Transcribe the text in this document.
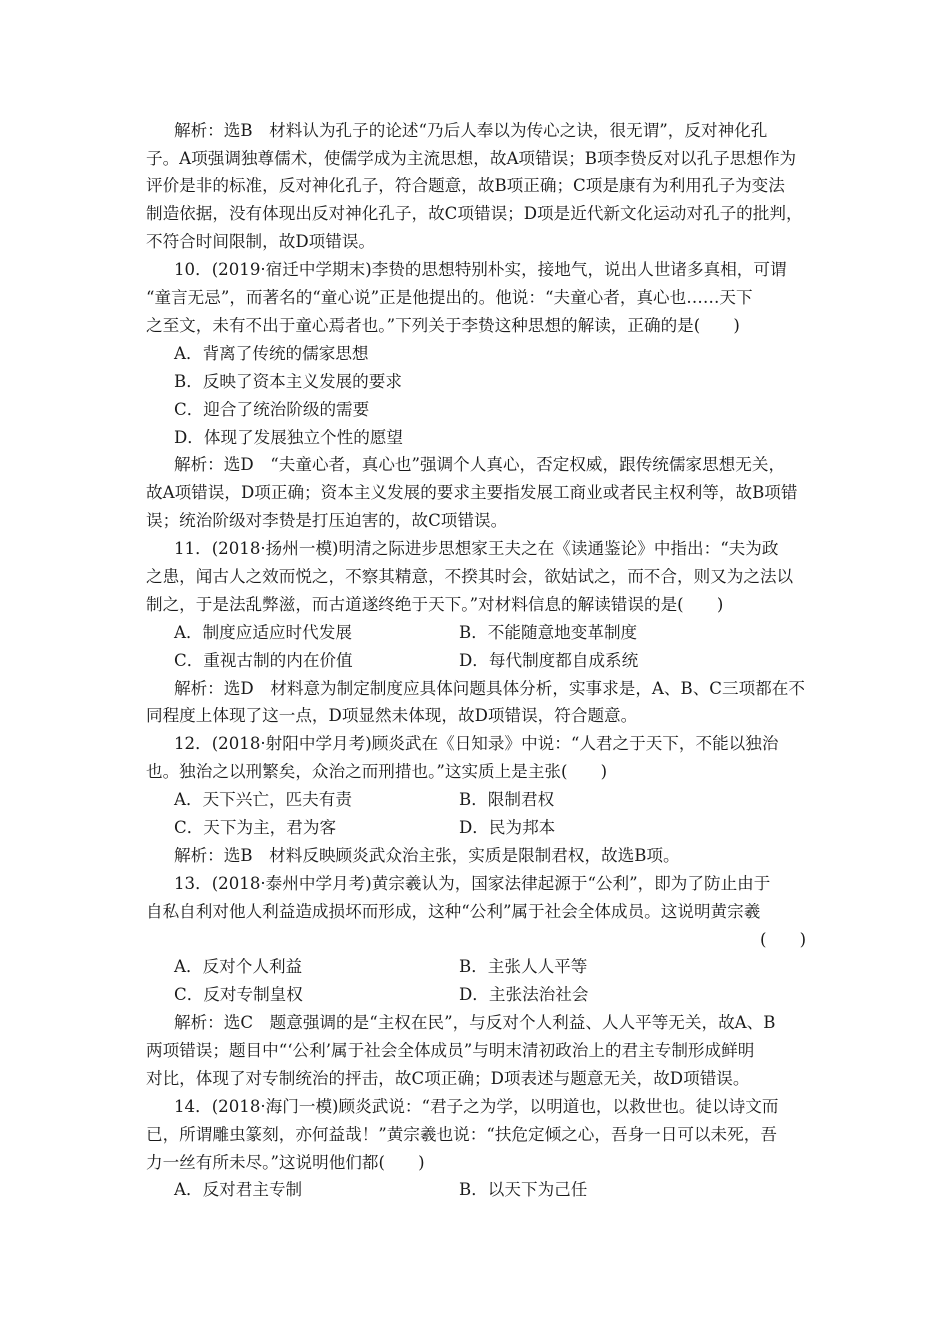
解析：选B　材料认为孔子的论述“乃后人奉以为传心之诀，很无谓”，反对神化孔
子。A项强调独尊儒术，使儒学成为主流思想，故A项错误；B项李贽反对以孔子思想作为
评价是非的标准，反对神化孔子，符合题意，故B项正确；C项是康有为利用孔子为变法
制造依据，没有体现出反对神化孔子，故C项错误；D项是近代新文化运动对孔子的批判，
不符合时间限制，故D项错误。
10．(2019·宿迁中学期末)李贽的思想特别朴实，接地气，说出人世诸多真相，可谓
“童言无忌”，而著名的“童心说”正是他提出的。他说：“夫童心者，真心也……天下
之至文，未有不出于童心焉者也。”下列关于李贽这种思想的解读，正确的是(　　)
A．背离了传统的儒家思想
B．反映了资本主义发展的要求
C．迎合了统治阶级的需要
D．体现了发展独立个性的愿望
解析：选D　“夫童心者，真心也”强调个人真心，否定权威，跟传统儒家思想无关，
故A项错误，D项正确；资本主义发展的要求主要指发展工商业或者民主权利等，故B项错
误；统治阶级对李贽是打压迫害的，故C项错误。
11．(2018·扬州一模)明清之际进步思想家王夫之在《读通鉴论》中指出：“夫为政
之患，闻古人之效而悦之，不察其精意，不揆其时会，欲姑试之，而不合，则又为之法以
制之，于是法乱弊滋，而古道遂终绝于天下。”对材料信息的解读错误的是(　　)
A．制度应适应时代发展	B．不能随意地变革制度
C．重视古制的内在价值	D．每代制度都自成系统
解析：选D　材料意为制定制度应具体问题具体分析，实事求是，A、B、C三项都在不
同程度上体现了这一点，D项显然未体现，故D项错误，符合题意。
12．(2018·射阳中学月考)顾炎武在《日知录》中说：“人君之于天下，不能以独治
也。独治之以刑繁矣，众治之而刑措也。”这实质上是主张(　　)
A．天下兴亡，匹夫有责	B．限制君权
C．天下为主，君为客	D．民为邦本
解析：选B　材料反映顾炎武众治主张，实质是限制君权，故选B项。
13．(2018·泰州中学月考)黄宗羲认为，国家法律起源于“公利”，即为了防止由于
自私自利对他人利益造成损坏而形成，这种“公利”属于社会全体成员。这说明黄宗羲
(　　)
A．反对个人利益	B．主张人人平等
C．反对专制皇权	D．主张法治社会
解析：选C　题意强调的是“主权在民”，与反对个人利益、人人平等无关，故A、B
两项错误；题目中“‘公利’属于社会全体成员”与明末清初政治上的君主专制形成鲜明
对比，体现了对专制统治的抨击，故C项正确；D项表述与题意无关，故D项错误。
14．(2018·海门一模)顾炎武说：“君子之为学，以明道也，以救世也。徒以诗文而
已，所谓雕虫篆刻，亦何益哉！”黄宗羲也说：“扶危定倾之心，吾身一日可以未死，吾
力一丝有所未尽。”这说明他们都(　　)
A．反对君主专制	B．以天下为己任
